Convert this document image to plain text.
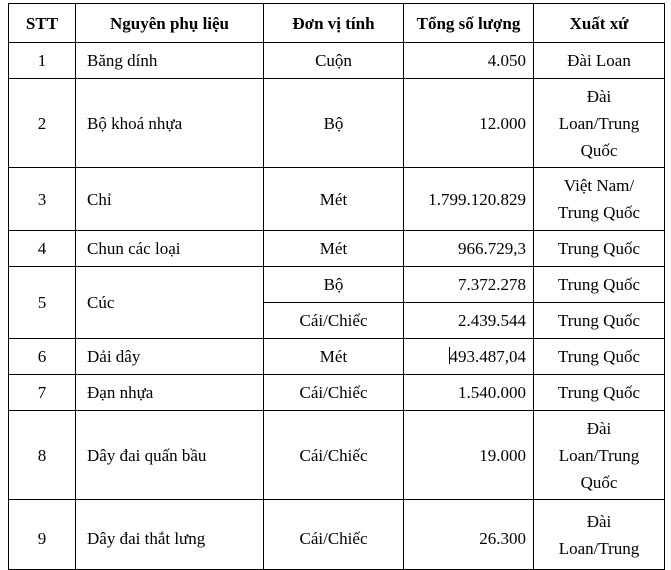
STT	Nguyên phụ liệu	Đơn vị tính	Tổng số lượng	Xuất xứ
1	Băng dính	Cuộn	4.050	Đài Loan

2	Bộ khoá nhựa	Bộ	12.000	Đài
Loan/Trung
Quốc

3	Chỉ	Mét	1.799.120.829	Việt Nam/
Trung Quốc

4	Chun các loại	Mét	966.729,3	Trung Quốc

5	Cúc	Bộ	7.372.278	Trung Quốc

		Cái/Chiếc	2.439.544	Trung Quốc

6	Dải dây	Mét	493.487,04	Trung Quốc

7	Đạn nhựa	Cái/Chiếc	1.540.000	Trung Quốc

8	Dây đai quấn bầu	Cái/Chiếc	19.000	Đài
Loan/Trung
Quốc

9	Dây đai thắt lưng	Cái/Chiếc	26.300	Đài
Loan/Trung
